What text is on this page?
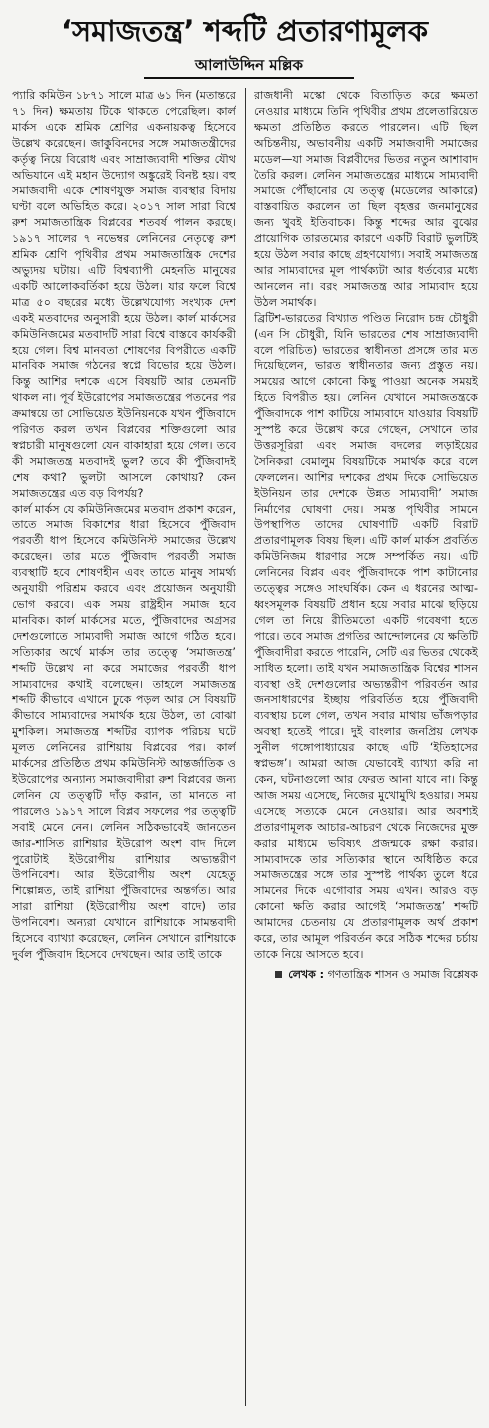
‘সমাজতন্ত্র’ শব্দটি প্রতারণামূলক
আলাউদ্দিন মল্লিক

প্যারি কমিউন ১৮৭১ সালে মাত্র ৬১ দিন (মতান্তরে ৭১ দিন) ক্ষমতায় টিকে থাকতে পেরেছিল। কার্ল মার্কস একে শ্রমিক শ্রেণির একনায়কত্ব হিসেবে উল্লেখ করেছেন। জাকুবিনদের সঙ্গে সমাজতন্ত্রীদের কর্তৃত্ব নিয়ে বিরোধ এবং সাম্রাজ্যবাদী শক্তির যৌথ অভিযানে এই মহান উদ্যোগ অঙ্কুরেই বিনষ্ট হয়। বহু সমাজবাদী একে শোষণযুক্ত সমাজ ব্যবস্থার বিদায় ঘণ্টা বলে অভিহিত করে। ২০১৭ সাল সারা বিশ্বে রুশ সমাজতান্ত্রিক বিপ্লবের শতবর্ষ পালন করছে। ১৯১৭ সালের ৭ নভেম্বর লেনিনের নেতৃত্বে রুশ শ্রমিক শ্রেণি পৃথিবীর প্রথম সমাজতান্ত্রিক দেশের অভ্যুদয় ঘটায়। এটি বিশ্বব্যাপী মেহনতি মানুষের একটি আলোকবর্তিকা হয়ে উঠল। যার ফলে বিশ্বে মাত্র ৫০ বছরের মধ্যে উল্লেখযোগ্য সংখ্যক দেশ একই মতবাদের অনুসারী হয়ে উঠল। কার্ল মার্কসের কমিউনিজমের মতবাদটি সারা বিশ্বে বাস্তবে কার্যকরী হয়ে গেল। বিশ্ব মানবতা শোষণের বিপরীতে একটি মানবিক সমাজ গঠনের স্বপ্নে বিভোর হয়ে উঠল। কিন্তু আশির দশকে এসে বিষয়টি আর তেমনটি থাকল না। পূর্ব ইউরোপের সমাজতন্ত্রের পতনের পর ক্রমান্বয়ে তা সোভিয়েত ইউনিয়নকে যখন পুঁজিবাদে পরিণত করল তখন বিপ্লবের শক্তিগুলো আর স্বপ্নচারী মানুষগুলো যেন বাকাহারা হয়ে গেল। তবে কী সমাজতন্ত্র মতবাদই ভুল? তবে কী পুঁজিবাদই শেষ কথা? ভুলটা আসলে কোথায়? কেন সমাজতন্ত্রের এত বড় বিপর্যয়?

কার্ল মার্কস যে কমিউনিজমের মতবাদ প্রকাশ করেন, তাতে সমাজ বিকাশের ধারা হিসেবে পুঁজিবাদ পরবর্তী ধাপ হিসেবে কমিউনিস্ট সমাজের উল্লেখ করেছেন। তার মতে পুঁজিবাদ পরবর্তী সমাজ ব্যবস্থাটি হবে শোষণহীন এবং তাতে মানুষ সামর্থ্য অনুযায়ী পরিশ্রম করবে এবং প্রয়োজন অনুযায়ী ভোগ করবে। এক সময় রাষ্ট্রহীন সমাজ হবে মানবিক। কার্ল মার্কসের মতে, পুঁজিবাদের অগ্রসর দেশগুলোতে সাম্যবাদী সমাজ আগে গঠিত হবে। সত্যিকার অর্থে মার্কস তার তত্ত্বে ‘সমাজতন্ত্র’ শব্দটি উল্লেখ না করে সমাজের পরবর্তী ধাপ সাম্যবাদের কথাই বলেছেন। তাহলে সমাজতন্ত্র শব্দটি কীভাবে এখানে ঢুকে পড়ল আর সে বিষয়টি কীভাবে সাম্যবাদের সমার্থক হয়ে উঠল, তা বোঝা মুশকিল। সমাজতন্ত্র শব্দটির ব্যাপক পরিচয় ঘটে মূলত লেনিনের রাশিয়ায় বিপ্লবের পর। কার্ল মার্কসের প্রতিষ্ঠিত প্রথম কমিউনিস্ট আন্তর্জাতিক ও ইউরোপের অন্যান্য সমাজবাদীরা রুশ বিপ্লবের জন্য লেনিন যে তত্ত্বটি দাঁড় করান, তা মানতে না পারলেও ১৯১৭ সালে বিপ্লব সফলের পর তত্ত্বটি সবাই মেনে নেন। লেনিন সঠিকভাবেই জানতেন জার-শাসিত রাশিয়ার ইউরোপ অংশ বাদ দিলে পুরোটাই ইউরোপীয় রাশিয়ার অভ্যন্তরীণ উপনিবেশ। আর ইউরোপীয় অংশ যেহেতু শিল্পোন্নত, তাই রাশিয়া পুঁজিবাদের অন্তর্গত। আর সারা রাশিয়া (ইউরোপীয় অংশ বাদে) তার উপনিবেশ। অন্যরা যেখানে রাশিয়াকে সামন্তবাদী হিসেবে ব্যাখ্যা করেছেন, লেনিন সেখানে রাশিয়াকে দুর্বল পুঁজিবাদ হিসেবে দেখছেন। আর তাই তাকে

রাজধানী মস্কো থেকে বিতাড়িত করে ক্ষমতা নেওয়ার মাধ্যমে তিনি পৃথিবীর প্রথম প্রলেতারিয়েত ক্ষমতা প্রতিষ্ঠিত করতে পারলেন। এটি ছিল অচিন্তনীয়, অভাবনীয় একটি সমাজবাদী সমাজের মডেল—যা সমাজ বিপ্লবীদের ভিতর নতুন আশাবাদ তৈরি করল। লেনিন সমাজতন্ত্রের মাধ্যমে সাম্যবাদী সমাজে পৌঁছানোর যে তত্ত্ব (মডেলের আকারে) বাস্তবায়িত করলেন তা ছিল বৃহত্তর জনমানুষের জন্য খুবই ইতিবাচক। কিন্তু শব্দের আর বুঝের প্রায়োগিক তারতম্যের কারণে একটি বিরাট ভুলটিই হয়ে উঠল সবার কাছে গ্রহণযোগ্য। সবাই সমাজতন্ত্র আর সাম্যবাদের মূল পার্থক্যটা আর ধর্তব্যের মধ্যে আনলেন না। বরং সমাজতন্ত্র আর সাম্যবাদ হয়ে উঠল সমার্থক।

ব্রিটিশ-ভারতের বিখ্যাত পণ্ডিত নিরোদ চন্দ্র চৌধুরী (এন সি চৌধুরী, যিনি ভারতের শেষ সাম্রাজ্যবাদী বলে পরিচিত) ভারতের স্বাধীনতা প্রসঙ্গে তার মত দিয়েছিলেন, ভারত স্বাধীনতার জন্য প্রস্তুত নয়। সময়ের আগে কোনো কিছু পাওয়া অনেক সময়ই হিতে বিপরীত হয়। লেনিন যেখানে সমাজতন্ত্রকে পুঁজিবাদকে পাশ কাটিয়ে সাম্যবাদে যাওয়ার বিষয়টি সুস্পষ্ট করে উল্লেখ করে গেছেন, সেখানে তার উত্তরসূরিরা এবং সমাজ বদলের লড়াইয়ের সৈনিকরা বেমালুম বিষয়টিকে সমার্থক করে বলে ফেললেন। আশির দশকের প্রথম দিকে সোভিয়েত ইউনিয়ন তার দেশকে উন্নত সাম্যবাদী’ সমাজ নির্মাণের ঘোষণা দেয়। সমস্ত পৃথিবীর সামনে উপস্থাপিত তাদের ঘোষণাটি একটি বিরাট প্রতারণামূলক বিষয় ছিল। এটি কার্ল মার্কস প্রবর্তিত কমিউনিজম ধারণার সঙ্গে সম্পর্কিত নয়। এটি লেনিনের বিপ্লব এবং পুঁজিবাদকে পাশ কাটানোর তত্ত্বের সঙ্গেও সাংঘর্ষিক। কেন এ ধরনের আত্ম-ধ্বংসমূলক বিষয়টি প্রধান হয়ে সবার মাঝে ছড়িয়ে গেল তা নিয়ে রীতিমতো একটি গবেষণা হতে পারে। তবে সমাজ প্রগতির আন্দোলনের যে ক্ষতিটি পুঁজিবাদীরা করতে পারেনি, সেটি এর ভিতর থেকেই সাধিত হলো। তাই যখন সমাজতান্ত্রিক বিশ্বের শাসন ব্যবস্থা ওই দেশগুলোর অভ্যন্তরীণ পরিবর্তন আর জনসাধারণের ইচ্ছায় পরিবর্তিত হয়ে পুঁজিবাদী ব্যবস্থায় চলে গেল, তখন সবার মাথায় ভাঁজপড়ার অবস্থা হতেই পারে। দুই বাংলার জনপ্রিয় লেখক সুনীল গঙ্গোপাধ্যায়ের কাছে এটি ‘ইতিহাসের স্বপ্নভঙ্গ’। আমরা আজ যেভাবেই ব্যাখ্যা করি না কেন, ঘটনাগুলো আর ফেরত আনা যাবে না। কিন্তু আজ সময় এসেছে, নিজের মুখোমুখি হওয়ার। সময় এসেছে সত্যকে মেনে নেওয়ার। আর অবশ্যই প্রতারণামূলক আচার-আচরণ থেকে নিজেদের মুক্ত করার মাধ্যমে ভবিষ্যৎ প্রজন্মকে রক্ষা করার। সাম্যবাদকে তার সত্যিকার স্থানে অধিষ্ঠিত করে সমাজতন্ত্রের সঙ্গে তার সুস্পষ্ট পার্থক্য তুলে ধরে সামনের দিকে এগোবার সময় এখন। আরও বড় কোনো ক্ষতি করার আগেই ‘সমাজতন্ত্র’ শব্দটি আমাদের চেতনায় যে প্রতারণামূলক অর্থ প্রকাশ করে, তার আমূল পরিবর্তন করে সঠিক শব্দের চর্চায় তাকে নিয়ে আসতে হবে।

লেখক : গণতান্ত্রিক শাসন ও সমাজ বিশ্লেষক
